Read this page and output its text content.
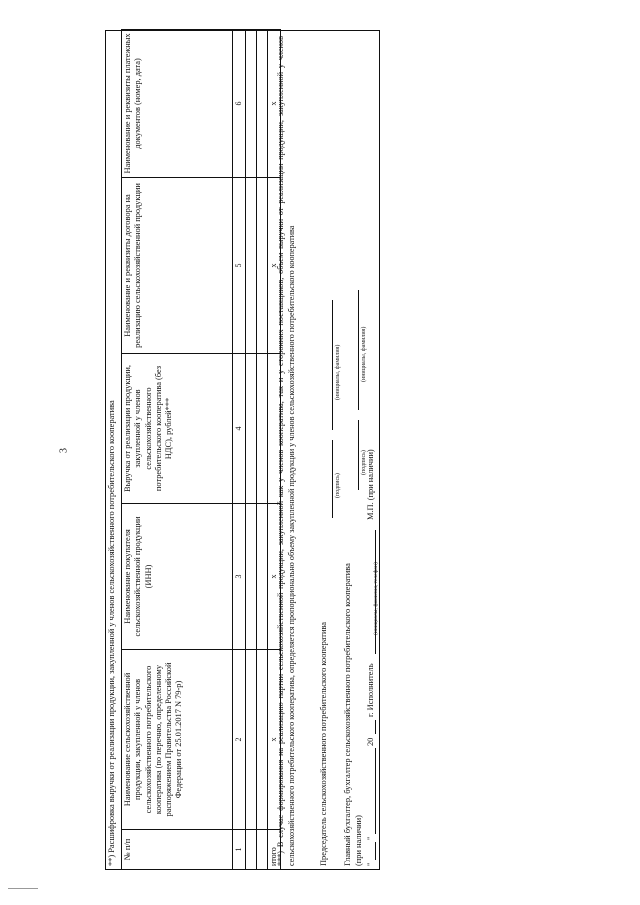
3	**) Расшифровка выручки от реализации продукции, закупленной у членов сельскохозяйственного потребительского кооператива № п/п	Наименование сельскохозяйственной продукции, закупленной у членов сельскохозяйственного потребительского кооператива (по перечню, определенному распоряжением Правительства Российской Федерации от 25.01.2017 N 79-р)	Наименование покупателя сельскохозяйственной продукции (ИНН)	Выручка от реализации продукции, закупленной у членов сельскохозяйственного потребительского кооператива (без НДС), рублей***	Наименование и реквизиты договора на реализацию сельскохозяйственной продукции	Наименование и реквизиты платежных документов (номер, дата)
1	2	3	4	5	6

итого	x	x		x	x
***) В случае формирования на реализацию партии сельскохозяйственной продукции, закупленной как у членов кооператива, так и у сторонних поставщиков, объем выручки от реализации продукции, закупленной у членов сельскохозяйственного потребительского кооператива, определяется пропорционально объему закупленной продукции у членов сельскохозяйственного потребительского кооператива	Председатель сельскохозяйственного потребительского кооператива
(подпись)
(инициалы, фамилия)
Главный бухгалтер, бухгалтер сельскохозяйственного потребительского кооператива (при наличии)
(подпись)
(инициалы, фамилия)
"
"
20
г. Исполнитель
(инициалы, фамилия, телефон)
М.П. (при наличии)
